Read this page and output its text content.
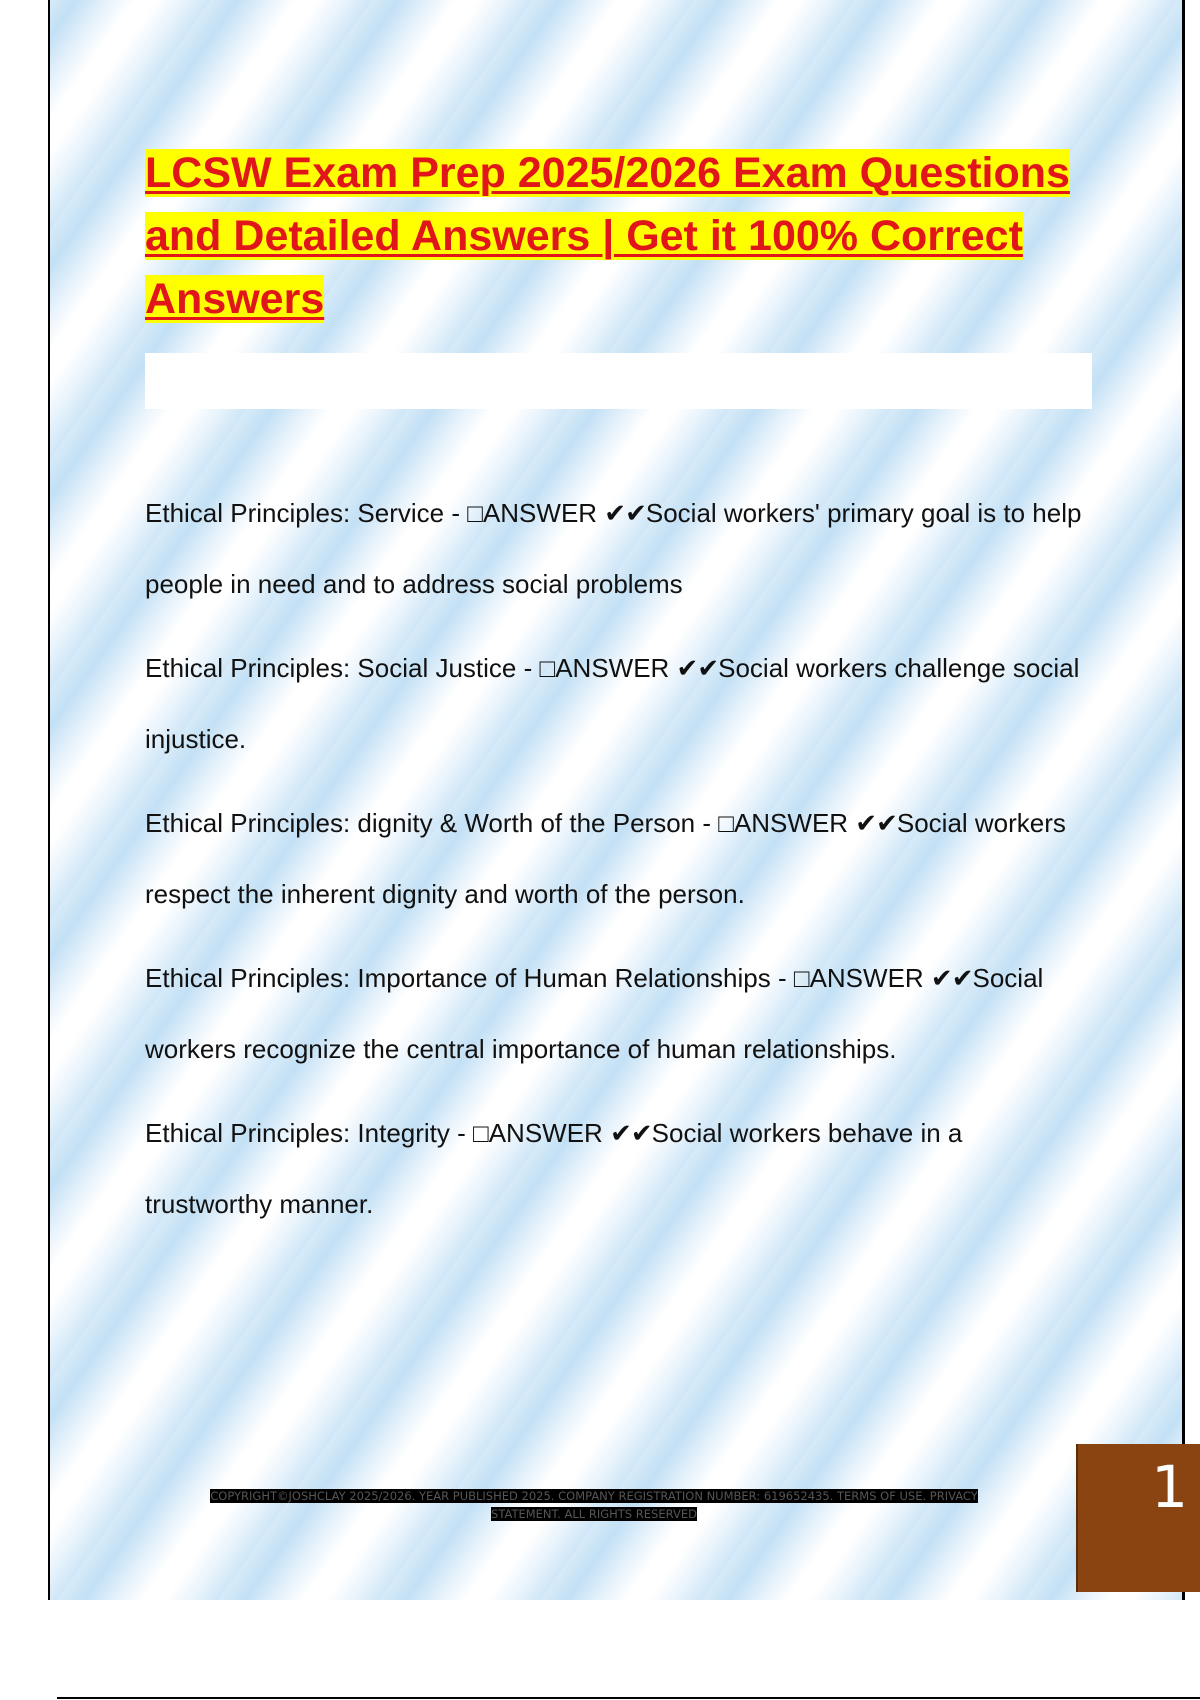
LCSW Exam Prep 2025/2026 Exam Questions and Detailed Answers | Get it 100% Correct Answers

Ethical Principles: Service - □ANSWER ✔✔Social workers' primary goal is to help people in need and to address social problems

Ethical Principles: Social Justice - □ANSWER ✔✔Social workers challenge social injustice.

Ethical Principles: dignity & Worth of the Person - □ANSWER ✔✔Social workers respect the inherent dignity and worth of the person.

Ethical Principles: Importance of Human Relationships - □ANSWER ✔✔Social workers recognize the central importance of human relationships.

Ethical Principles: Integrity - □ANSWER ✔✔Social workers behave in a trustworthy manner.

COPYRIGHT©JOSHCLAY 2025/2026. YEAR PUBLISHED 2025. COMPANY REGISTRATION NUMBER: 619652435. TERMS OF USE. PRIVACY STATEMENT. ALL RIGHTS RESERVED	1
